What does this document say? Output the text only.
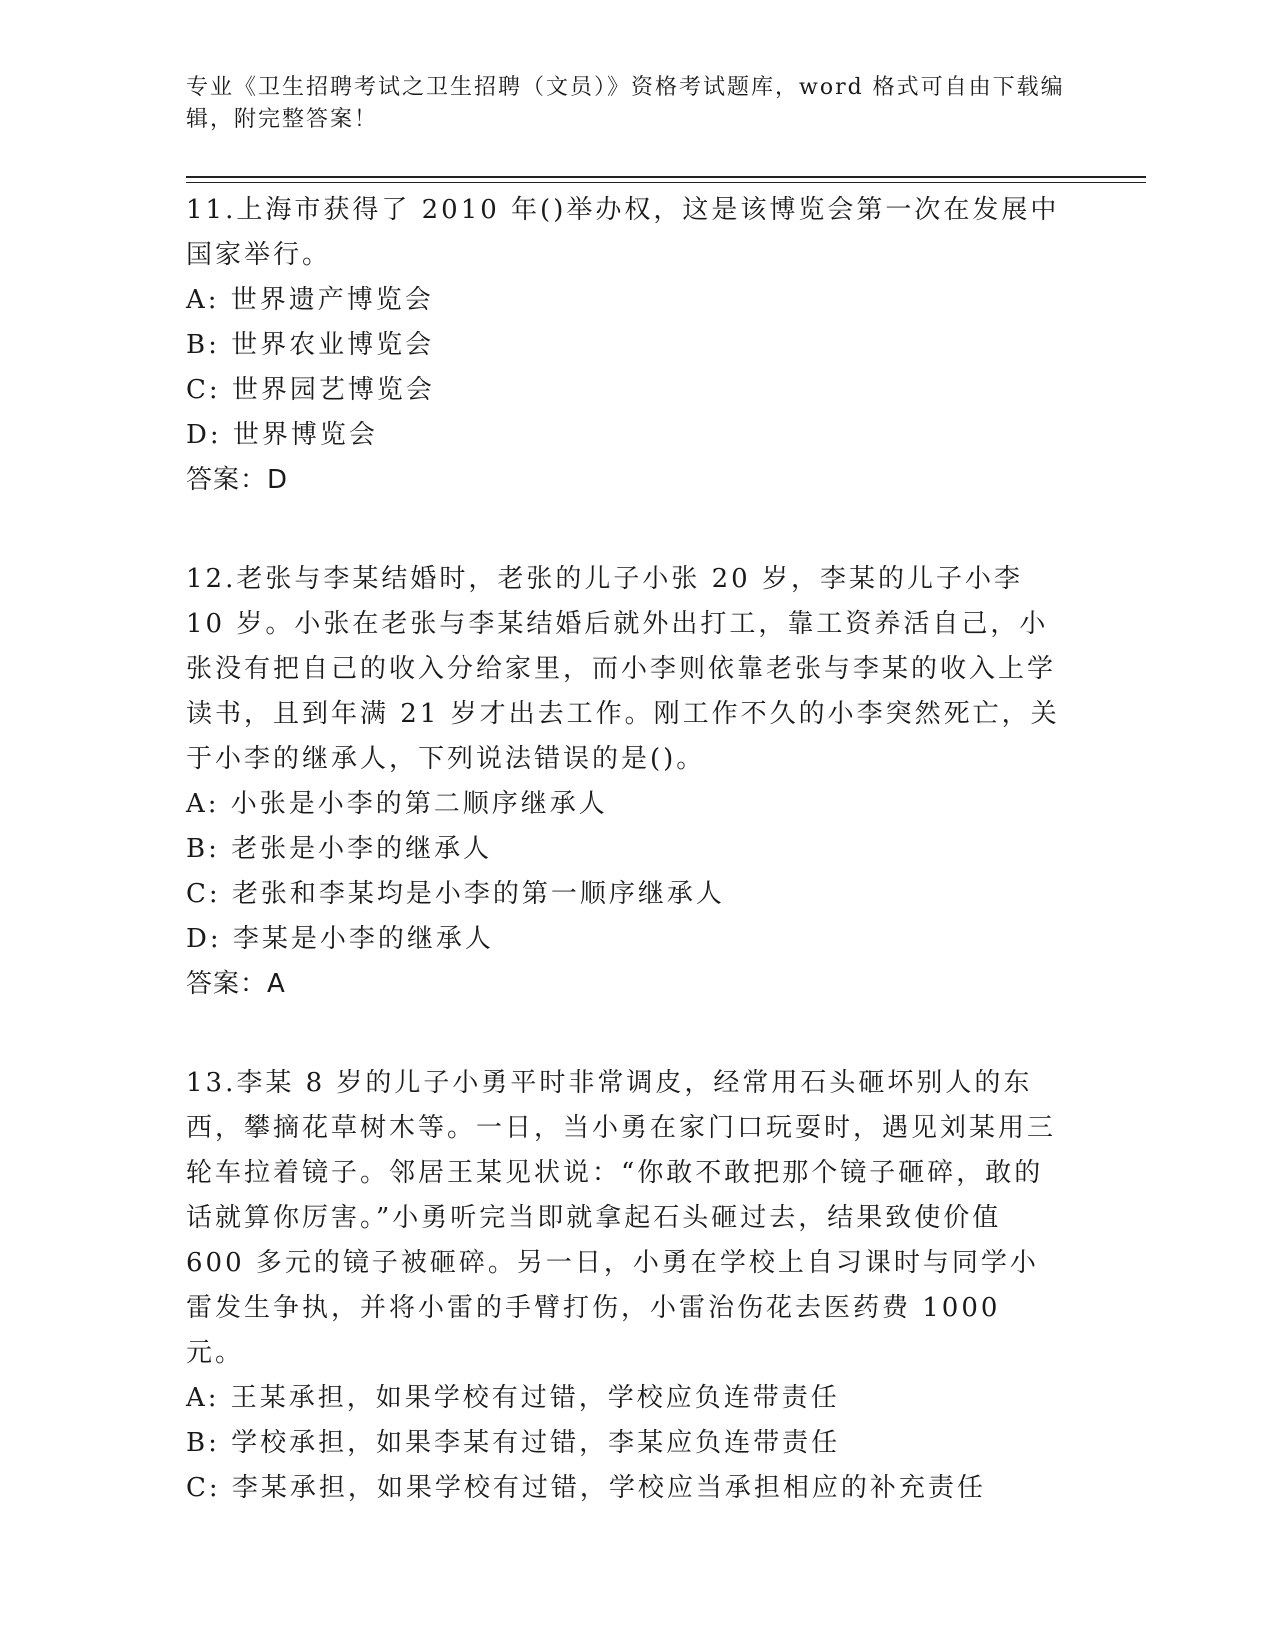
专业《卫生招聘考试之卫生招聘（文员）》资格考试题库，word 格式可自由下载编辑，附完整答案！

11.上海市获得了 2010 年()举办权，这是该博览会第一次在发展中国家举行。

A: 世界遗产博览会

B: 世界农业博览会

C: 世界园艺博览会

D: 世界博览会

答案：D

12.老张与李某结婚时，老张的儿子小张 20 岁，李某的儿子小李 10 岁。小张在老张与李某结婚后就外出打工，靠工资养活自己，小张没有把自己的收入分给家里，而小李则依靠老张与李某的收入上学读书，且到年满 21 岁才出去工作。刚工作不久的小李突然死亡，关于小李的继承人，下列说法错误的是()。

A: 小张是小李的第二顺序继承人

B: 老张是小李的继承人

C: 老张和李某均是小李的第一顺序继承人

D: 李某是小李的继承人

答案：A

13.李某 8 岁的儿子小勇平时非常调皮，经常用石头砸坏别人的东西，攀摘花草树木等。一日，当小勇在家门口玩耍时，遇见刘某用三轮车拉着镜子。邻居王某见状说：“你敢不敢把那个镜子砸碎，敢的话就算你厉害。”小勇听完当即就拿起石头砸过去，结果致使价值 600 多元的镜子被砸碎。另一日，小勇在学校上自习课时与同学小雷发生争执，并将小雷的手臂打伤，小雷治伤花去医药费 1000 元。

A: 王某承担，如果学校有过错，学校应负连带责任

B: 学校承担，如果李某有过错，李某应负连带责任

C: 李某承担，如果学校有过错，学校应当承担相应的补充责任
